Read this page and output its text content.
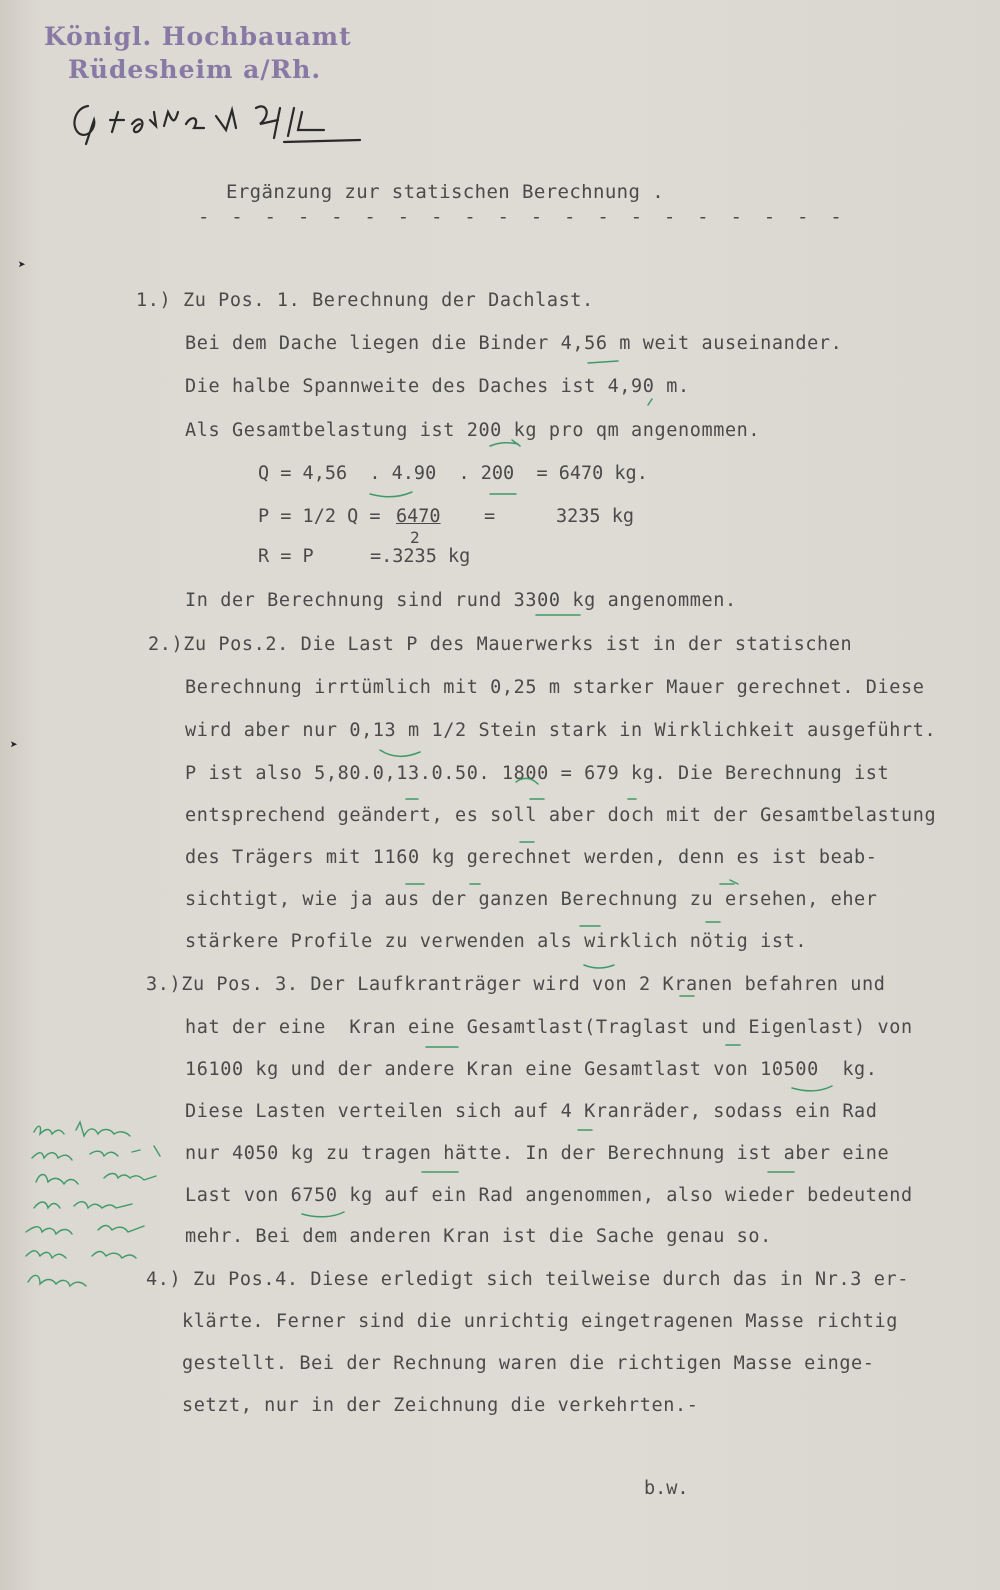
Königl. Hochbauamt
Rüdesheim a/Rh.
Ergänzung zur statischen Berechnung .
- - - - - - - - - - - - - - - - - - - -
➤
➤
1.) Zu Pos. 1. Berechnung der Dachlast.
Bei dem Dache liegen die Binder 4,56 m weit auseinander.
Die halbe Spannweite des Daches ist 4,90 m.
Als Gesamtbelastung ist 200 kg pro qm angenommen.
Q = 4,56  . 4.90  . 200  = 6470 kg.
P = 1/2 Q = 6470 =	3235 kg
2
R = P	=.3235 kg
In der Berechnung sind rund 3300 kg angenommen.
2.)Zu Pos.2. Die Last P des Mauerwerks ist in der statischen
Berechnung irrtümlich mit 0,25 m starker Mauer gerechnet. Diese
wird aber nur 0,13 m 1/2 Stein stark in Wirklichkeit ausgeführt.
P ist also 5,80.0,13.0.50. 1800 = 679 kg. Die Berechnung ist
entsprechend geändert, es soll aber doch mit der Gesamtbelastung
des Trägers mit 1160 kg gerechnet werden, denn es ist beab-
sichtigt, wie ja aus der ganzen Berechnung zu ersehen, eher
stärkere Profile zu verwenden als wirklich nötig ist.
3.)Zu Pos. 3. Der Laufkranträger wird von 2 Kranen befahren und
hat der eine  Kran eine Gesamtlast(Traglast und Eigenlast) von
16100 kg und der andere Kran eine Gesamtlast von 10500  kg.
Diese Lasten verteilen sich auf 4 Kranräder, sodass ein Rad
nur 4050 kg zu tragen hätte. In der Berechnung ist aber eine
Last von 6750 kg auf ein Rad angenommen, also wieder bedeutend
mehr. Bei dem anderen Kran ist die Sache genau so.
4.) Zu Pos.4. Diese erledigt sich teilweise durch das in Nr.3 er-
klärte. Ferner sind die unrichtig eingetragenen Masse richtig
gestellt. Bei der Rechnung waren die richtigen Masse einge-
setzt, nur in der Zeichnung die verkehrten.-
b.w.
